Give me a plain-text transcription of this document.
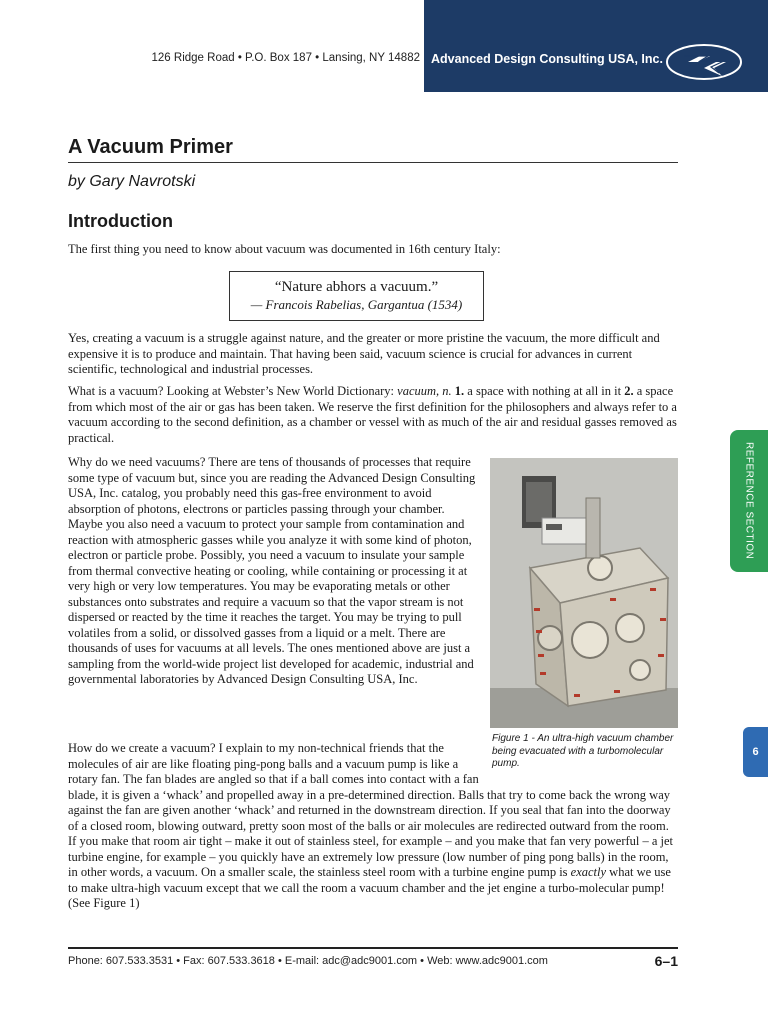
126 Ridge Road • P.O. Box 187 • Lansing, NY 14882 Advanced Design Consulting USA, Inc.
A Vacuum Primer

by Gary Navrotski

Introduction

The first thing you need to know about vacuum was documented in 16th century Italy:

“Nature abhors a vacuum.”
— Francois Rabelias, Gargantua (1534)

Yes, creating a vacuum is a struggle against nature, and the greater or more pristine the vacuum, the more difficult and expensive it is to produce and maintain. That having been said, vacuum science is crucial for advances in current scientific, technological and industrial processes.

What is a vacuum? Looking at Webster’s New World Dictionary: vacuum, n. 1. a space with nothing at all in it 2. a space from which most of the air or gas has been taken. We reserve the first definition for the philosophers and always refer to a vacuum according to the second definition, as a chamber or vessel with as much of the air and residual gasses removed as practical.

Why do we need vacuums? There are tens of thousands of processes that require some type of vacuum but, since you are reading the Advanced Design Consulting USA, Inc. catalog, you probably need this gas-free environment to avoid absorption of photons, electrons or particles passing through your chamber. Maybe you also need a vacuum to protect your sample from contamination and reaction with atmospheric gasses while you analyze it with some kind of photon, electron or particle probe. Possibly, you need a vacuum to insulate your sample from thermal convective heating or cooling, while containing or processing it at very high or very low temperatures. You may be evaporating metals or other substances onto substrates and require a vacuum so that the vapor stream is not dispersed or reacted by the time it reaches the target. You may be trying to pull volatiles from a solid, or dissolved gasses from a liquid or a melt. There are thousands of uses for vacuums at all levels. The ones mentioned above are just a sampling from the world-wide project list developed for academic, industrial and governmental laboratories by Advanced Design Consulting USA, Inc.

How do we create a vacuum? I explain to my non-technical friends that the molecules of air are like floating ping-pong balls and a vacuum pump is like a rotary fan. The fan blades are angled so that if a ball comes into contact with a fan blade, it is given a ‘whack’ and propelled away in a pre-determined direction. Balls that try to come back the wrong way against the fan are given another ‘whack’ and returned in the downstream direction. If you seal that fan into the doorway of a closed room, blowing outward, pretty soon most of the balls or air molecules are redirected outward from the room. If you make that room air tight – make it out of stainless steel, for example – and you make that fan very powerful – a jet turbine engine, for example – you quickly have an extremely low pressure (low number of ping pong balls) in the room, in other words, a vacuum. On a smaller scale, the stainless steel room with a turbine engine pump is exactly what we use to make ultra-high vacuum except that we call the room a vacuum chamber and the jet engine a turbo-molecular pump! (See Figure 1)

Figure 1 - An ultra-high vacuum chamber being evacuated with a turbomolecular pump.

REFERENCE SECTION
6
Phone: 607.533.3531 • Fax: 607.533.3618 • E-mail: adc@adc9001.com • Web: www.adc9001.com	6–1
